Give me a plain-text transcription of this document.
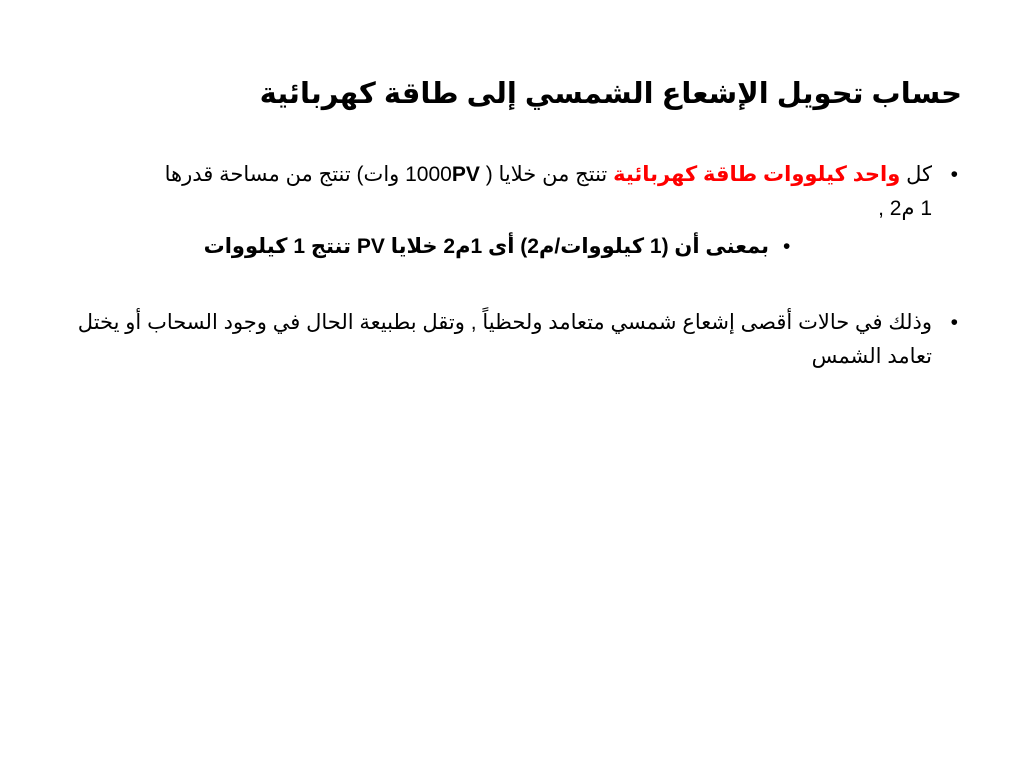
حساب تحويل الإشعاع الشمسي إلى طاقة كهربائية
•
كل واحد كيلووات طاقة كهربائية تنتج من خلايا ( 1000PV وات) تنتج من مساحة قدرها
1 م2 ,
•بمعنى أن (1 كيلووات/م2) أى 1م2 خلايا PV تنتج 1 كيلووات
•
وذلك في حالات أقصى إشعاع شمسي متعامد ولحظياً , وتقل بطبيعة الحال في وجود السحاب أو يختل تعامد الشمس
